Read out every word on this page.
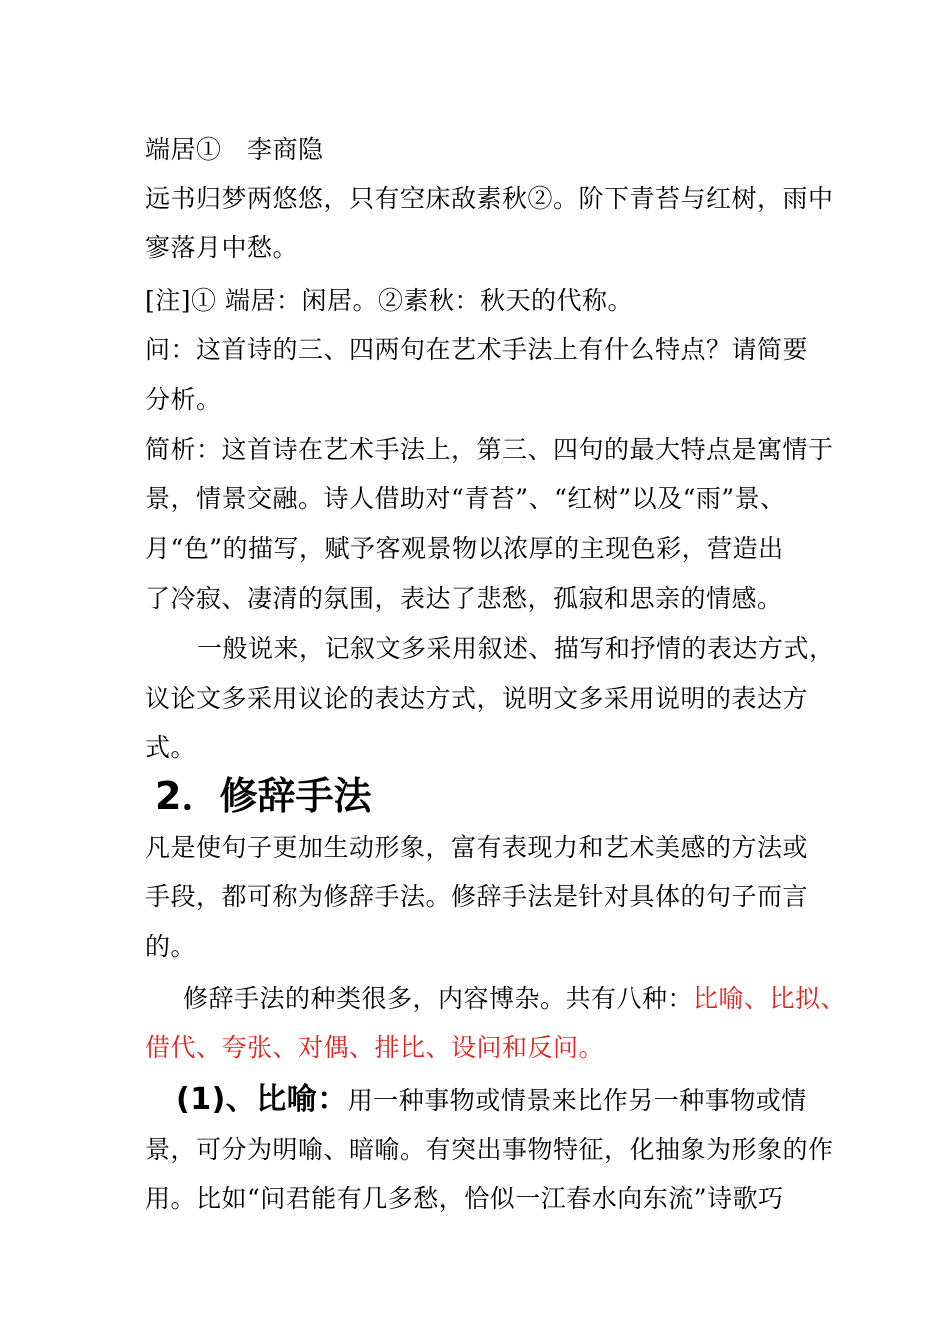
端居①　李商隐
远书归梦两悠悠，只有空床敌素秋②。阶下青苔与红树，雨中
寥落月中愁。
[注]① 端居：闲居。②素秋：秋天的代称。
问：这首诗的三、四两句在艺术手法上有什么特点？请简要
分析。
简析：这首诗在艺术手法上，第三、四句的最大特点是寓情于
景，情景交融。诗人借助对“青苔”、“红树”以及“雨”景、
月“色”的描写，赋予客观景物以浓厚的主现色彩，营造出
了冷寂、凄清的氛围，表达了悲愁，孤寂和思亲的情感。
一般说来，记叙文多采用叙述、描写和抒情的表达方式，
议论文多采用议论的表达方式，说明文多采用说明的表达方
式。
2．修辞手法
凡是使句子更加生动形象，富有表现力和艺术美感的方法或
手段，都可称为修辞手法。修辞手法是针对具体的句子而言
的。
修辞手法的种类很多，内容博杂。共有八种：比喻、比拟、
借代、夸张、对偶、排比、设问和反问。
(1)、比喻：用一种事物或情景来比作另一种事物或情
景，可分为明喻、暗喻。有突出事物特征，化抽象为形象的作
用。比如“问君能有几多愁，恰似一江春水向东流”诗歌巧
